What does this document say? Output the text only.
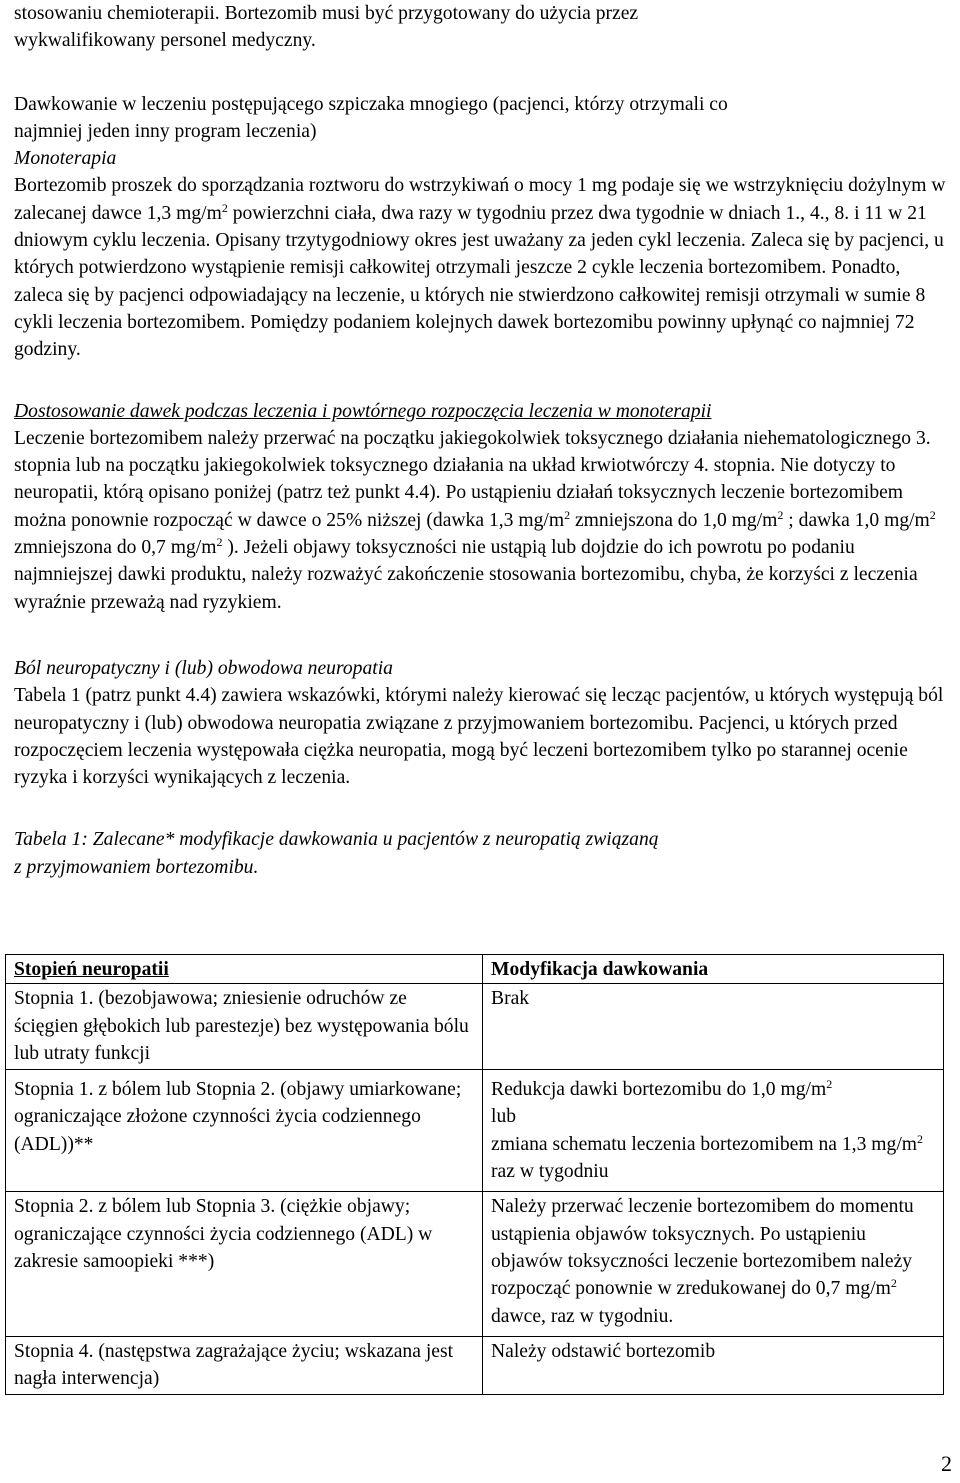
stosowaniu chemioterapii. Bortezomib musi być przygotowany do użycia przez

wykwalifikowany personel medyczny.

Dawkowanie w leczeniu postępującego szpiczaka mnogiego (pacjenci, którzy otrzymali co

najmniej jeden inny program leczenia)

Monoterapia

Bortezomib proszek do sporządzania roztworu do wstrzykiwań o mocy 1 mg podaje się we wstrzyknięciu dożylnym w zalecanej dawce 1,3 $mg/m^2$ powierzchni ciała, dwa razy w tygodniu przez dwa tygodnie w dniach 1., 4., 8. i 11 w 21 dniowym cyklu leczenia. Opisany trzytygodniowy okres jest uważany za jeden cykl leczenia. Zaleca się by pacjenci, u których potwierdzono wystąpienie remisji całkowitej otrzymali jeszcze 2 cykle leczenia bortezomibem. Ponadto, zaleca się by pacjenci odpowiadający na leczenie, u których nie stwierdzono całkowitej remisji otrzymali w sumie 8 cykli leczenia bortezomibem. Pomiędzy podaniem kolejnych dawek bortezomibu powinny upłynąć co najmniej 72 godziny.

Dostosowanie dawek podczas leczenia i powtórnego rozpoczęcia leczenia w monoterapii

Leczenie bortezomibem należy przerwać na początku jakiegokolwiek toksycznego działania niehematologicznego 3. stopnia lub na początku jakiegokolwiek toksycznego działania na układ krwiotwórczy 4. stopnia. Nie dotyczy to neuropatii, którą opisano poniżej (patrz też punkt 4.4). Po ustąpieniu działań toksycznych leczenie bortezomibem można ponownie rozpocząć w dawce o 25% niższej (dawka 1,3 $mg/m^2$ zmniejszona do 1,0 $mg/m^2$ ; dawka 1,0 $mg/m^2$ zmniejszona do 0,7 $mg/m^2$ ). Jeżeli objawy toksyczności nie ustąpią lub dojdzie do ich powrotu po podaniu najmniejszej dawki produktu, należy rozważyć zakończenie stosowania bortezomibu, chyba, że korzyści z leczenia wyraźnie przeważą nad ryzykiem.

Ból neuropatyczny i (lub) obwodowa neuropatia

Tabela 1 (patrz punkt 4.4) zawiera wskazówki, którymi należy kierować się lecząc pacjentów, u których występują ból neuropatyczny i (lub) obwodowa neuropatia związane z przyjmowaniem bortezomibu. Pacjenci, u których przed rozpoczęciem leczenia występowała ciężka neuropatia, mogą być leczeni bortezomibem tylko po starannej ocenie ryzyka i korzyści wynikających z leczenia.

Tabela 1: Zalecane* modyfikacje dawkowania u pacjentów z neuropatią związaną

z przyjmowaniem bortezomibu.

Stopień neuropatii	Modyfikacja dawkowania
Stopnia 1. (bezobjawowa; zniesienie odruchów ze ścięgien głębokich lub parestezje) bez występowania bólu lub utraty funkcji	Brak
Stopnia 1. z bólem lub Stopnia 2. (objawy umiarkowane; ograniczające złożone czynności życia codziennego (ADL))**	Redukcja dawki bortezomibu do 1,0 $mg/m^2$
lub
zmiana schematu leczenia bortezomibem na 1,3 $mg/m^2$ raz w tygodniu

Stopnia 2. z bólem lub Stopnia 3. (ciężkie objawy; ograniczające czynności życia codziennego (ADL) w zakresie samoopieki ***)	Należy przerwać leczenie bortezomibem do momentu ustąpienia objawów toksycznych. Po ustąpieniu objawów toksyczności leczenie bortezomibem należy rozpocząć ponownie w zredukowanej do 0,7 $mg/m^2$ dawce, raz w tygodniu.
Stopnia 4. (następstwa zagrażające życiu; wskazana jest nagła interwencja)	Należy odstawić bortezomib
2
